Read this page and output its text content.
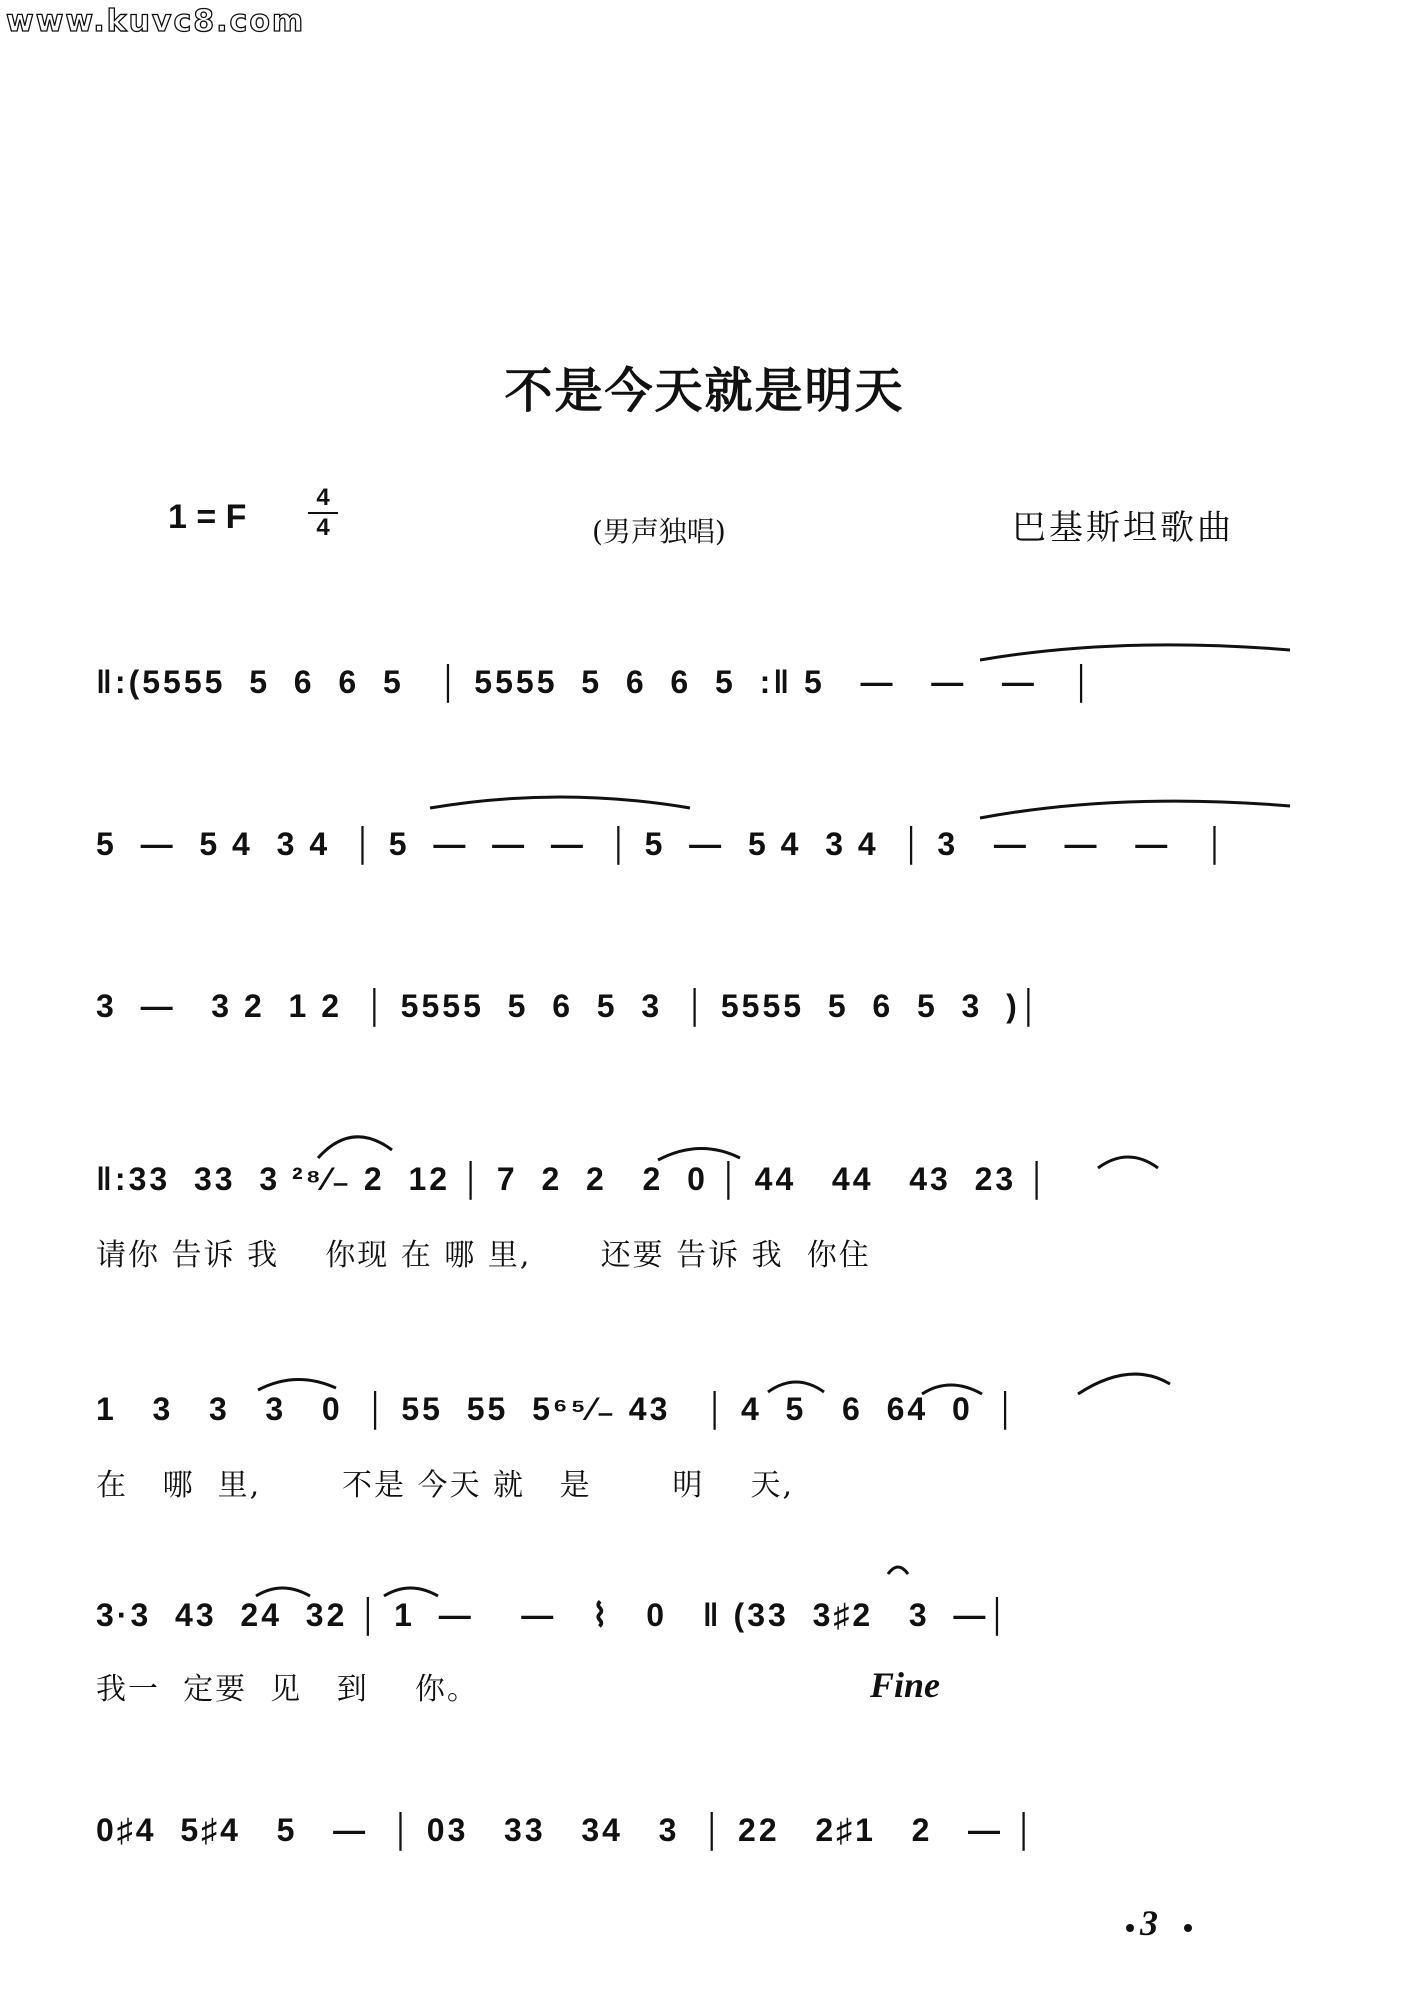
www.kuvc8.com
不是今天就是明天
1 = F
4
4	(男声独唱)	巴基斯坦歌曲
‖:(5555  5  6  6  5   │ 5555  5  6  6  5  :‖ 5   —   —   —   │
5  —  5 4  3 4  │ 5  —  —  —  │ 5  —  5 4  3 4  │ 3   —   —   —   │
3  —   3 2  1 2  │ 5555  5  6  5  3  │ 5555  5  6  5  3  )│
‖:33  33  3 ²⁸⁄₋ 2  12 │ 7  2  2   2  0 │ 44   44   43  23 │
请你 告诉 我    你现 在 哪 里,      还要 告诉 我  你住
1   3   3   3   0  │ 55  55  5⁶⁵⁄₋ 43   │ 4  5   6  64  0  │
在   哪  里,       不是 今天 就   是       明    天,
3·3  43  24  32 │ 1  —    —   ⌇   0   ‖ (33  3♯2   3  —│
我一  定要  见   到    你。	Fine
0♯4  5♯4   5   —  │ 03   33   34   3  │ 22   2♯1   2   — │
3
